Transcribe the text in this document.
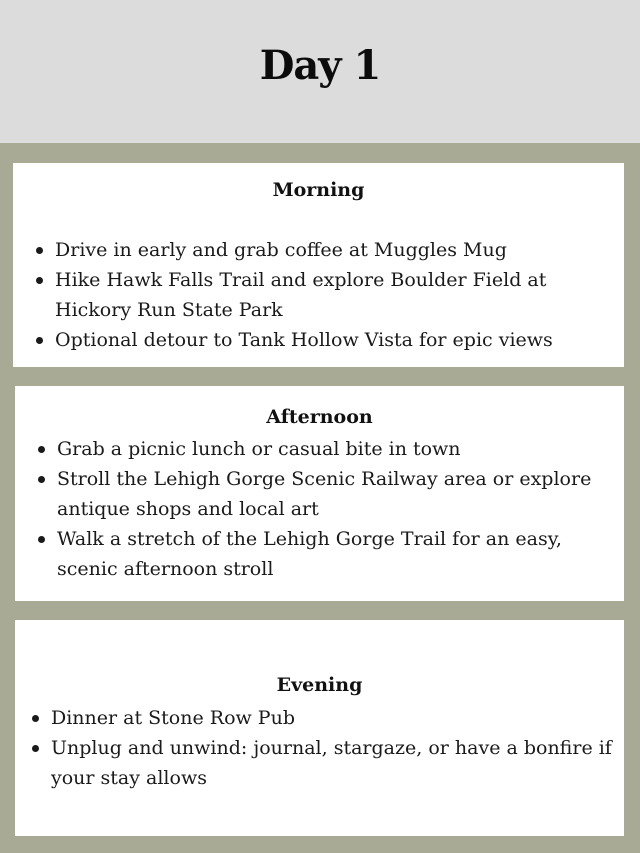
Day 1
Morning
Drive in early and grab coffee at Muggles Mug
Hike Hawk Falls Trail and explore Boulder Field at Hickory Run State Park
Optional detour to Tank Hollow Vista for epic views
Afternoon
Grab a picnic lunch or casual bite in town
Stroll the Lehigh Gorge Scenic Railway area or explore antique shops and local art
Walk a stretch of the Lehigh Gorge Trail for an easy, scenic afternoon stroll
Evening
Dinner at Stone Row Pub
Unplug and unwind: journal, stargaze, or have a bonfire if your stay allows
